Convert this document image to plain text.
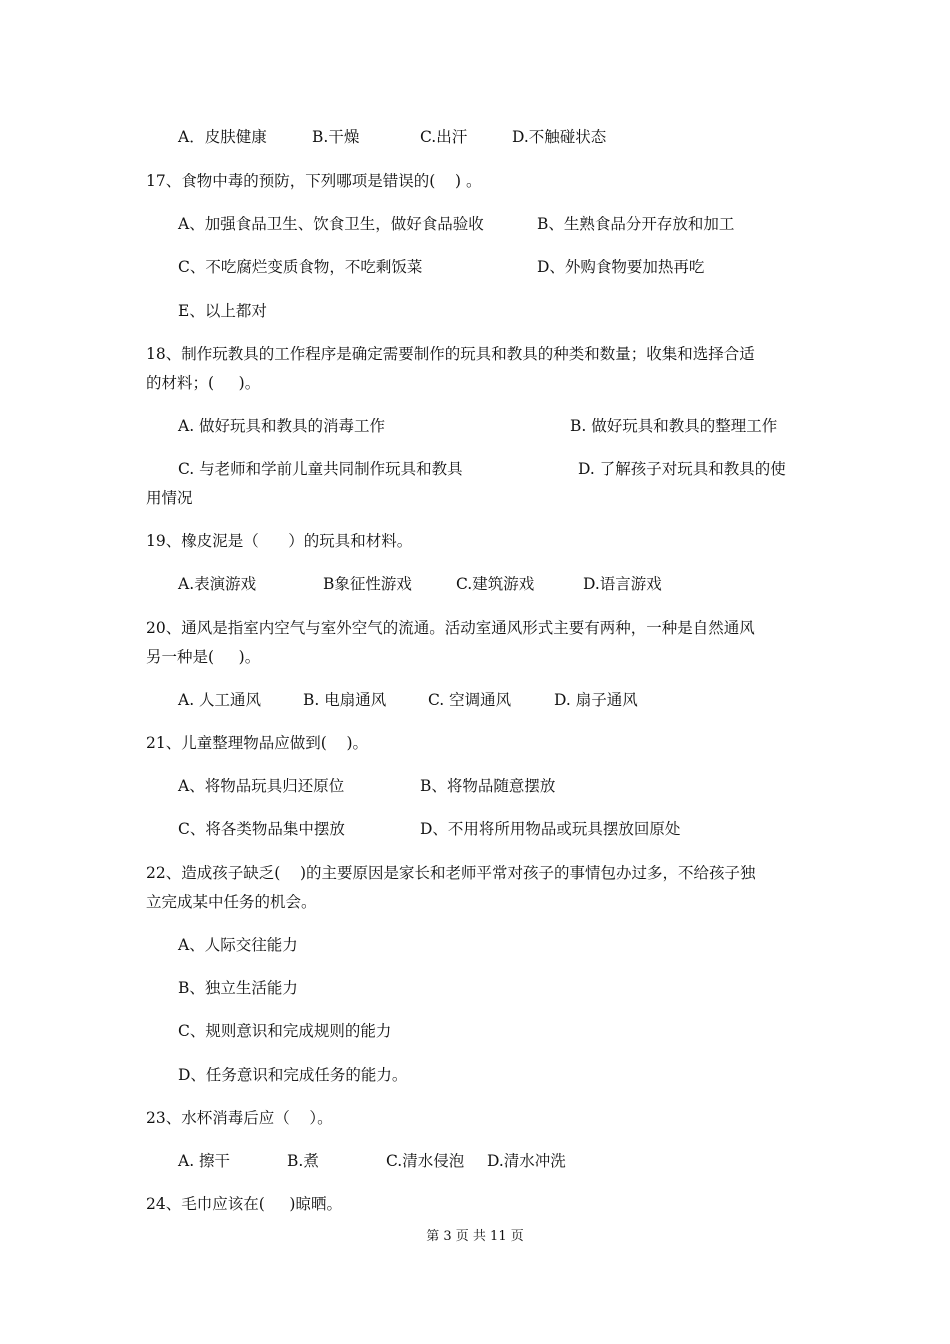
A．皮肤健康	B.干燥	C.出汗	D.不触碰状态
17、食物中毒的预防，下列哪项是错误的(    ) 。
A、加强食品卫生、饮食卫生，做好食品验收	B、生熟食品分开存放和加工
C、不吃腐烂变质食物，不吃剩饭菜	D、外购食物要加热再吃
E、以上都对
18、制作玩教具的工作程序是确定需要制作的玩具和教具的种类和数量；收集和选择合适
的材料；(     )。
A. 做好玩具和教具的消毒工作	B. 做好玩具和教具的整理工作
C. 与老师和学前儿童共同制作玩具和教具	D. 了解孩子对玩具和教具的使
用情况
19、橡皮泥是（      ）的玩具和材料。
A.表演游戏	B象征性游戏	C.建筑游戏	D.语言游戏
20、通风是指室内空气与室外空气的流通。活动室通风形式主要有两种，一种是自然通风
另一种是(     )。
A. 人工通风	B. 电扇通风	C. 空调通风	D. 扇子通风
21、儿童整理物品应做到(    )。
A、将物品玩具归还原位	B、将物品随意摆放
C、将各类物品集中摆放	D、不用将所用物品或玩具摆放回原处
22、造成孩子缺乏(    )的主要原因是家长和老师平常对孩子的事情包办过多，不给孩子独
立完成某中任务的机会。
A、人际交往能力
B、独立生活能力
C、规则意识和完成规则的能力
D、任务意识和完成任务的能力。
23、水杯消毒后应（    ）。
A. 擦干	B.煮	C.清水侵泡 D.清水冲洗
24、毛巾应该在(     )晾晒。
第 3 页 共 11 页
